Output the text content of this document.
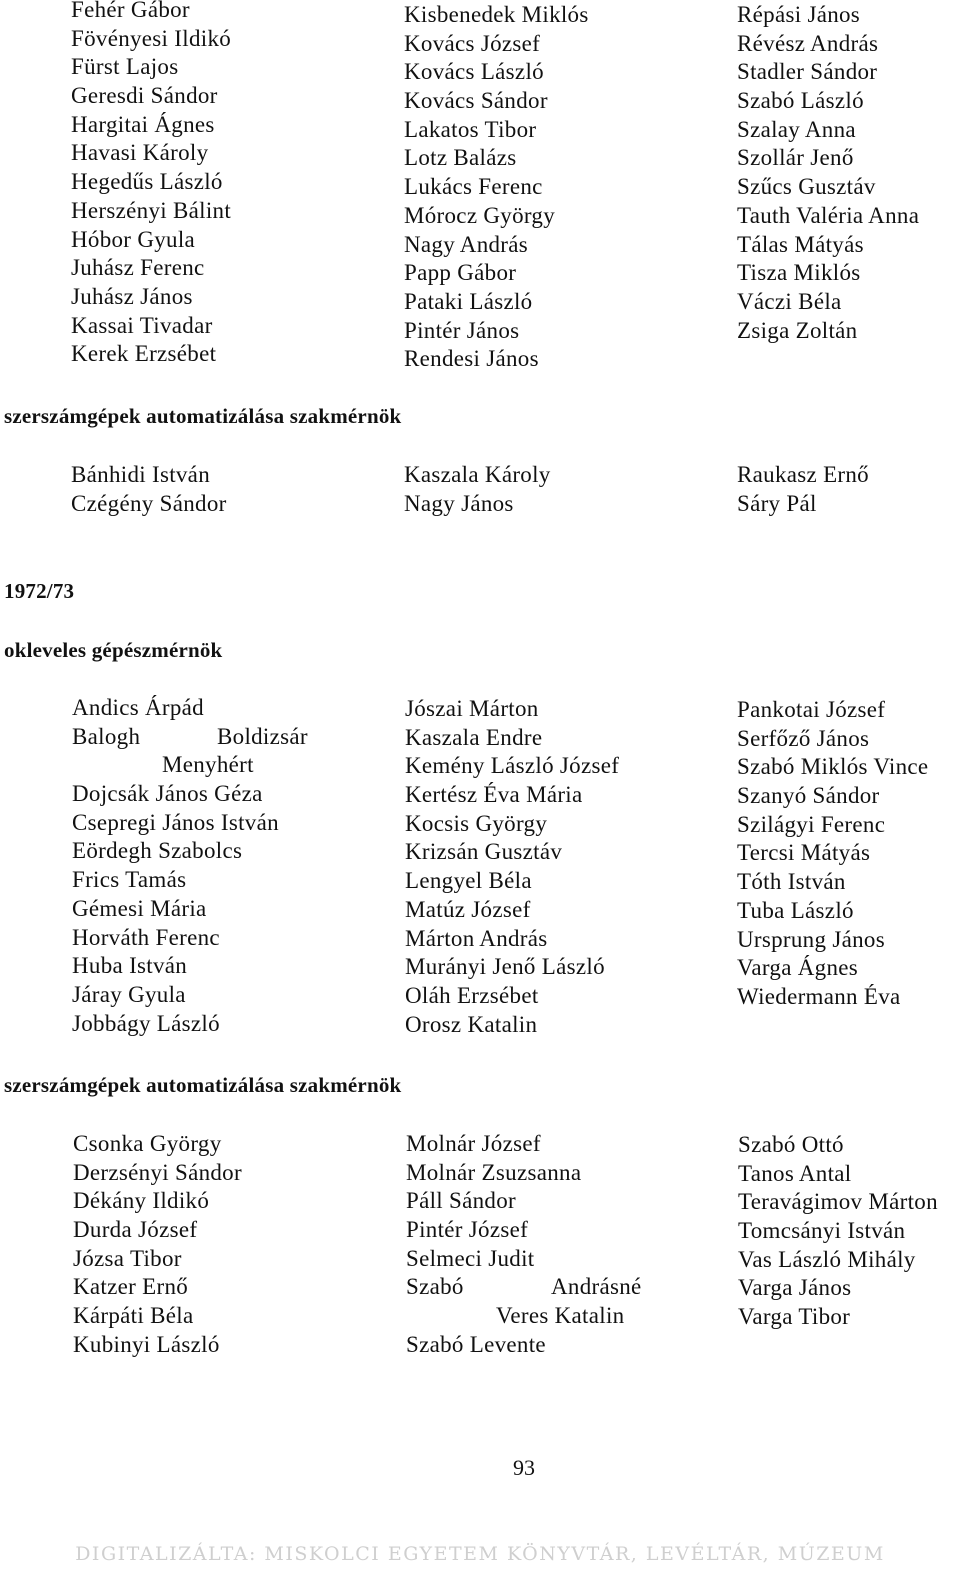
Fehér Gábor
Fövényesi Ildikó
Fürst Lajos
Geresdi Sándor
Hargitai Ágnes
Havasi Károly
Hegedűs László
Herszényi Bálint
Hóbor Gyula
Juhász Ferenc
Juhász János
Kassai Tivadar
Kerek Erzsébet
Kisbenedek Miklós
Kovács József
Kovács László
Kovács Sándor
Lakatos Tibor
Lotz Balázs
Lukács Ferenc
Mórocz György
Nagy András
Papp Gábor
Pataki László
Pintér János
Rendesi János
Répási János
Révész András
Stadler Sándor
Szabó László
Szalay Anna
Szollár Jenő
Szűcs Gusztáv
Tauth Valéria Anna
Tálas Mátyás
Tisza Miklós
Váczi Béla
Zsiga Zoltán
szerszámgépek automatizálása szakmérnök
Bánhidi István
Czégény Sándor
Kaszala Károly
Nagy János
Raukasz Ernő
Sáry Pál
1972/73
okleveles gépészmérnök
Andics Árpád
Balogh	Boldizsár
Menyhért
Dojcsák János Géza
Csepregi János István
Eördegh Szabolcs
Frics Tamás
Gémesi Mária
Horváth Ferenc
Huba István
Járay Gyula
Jobbágy László
Jószai Márton
Kaszala Endre
Kemény László József
Kertész Éva Mária
Kocsis György
Krizsán Gusztáv
Lengyel Béla
Matúz József
Márton András
Murányi Jenő László
Oláh Erzsébet
Orosz Katalin
Pankotai József
Serfőző János
Szabó Miklós Vince
Szanyó Sándor
Szilágyi Ferenc
Tercsi Mátyás
Tóth István
Tuba László
Ursprung János
Varga Ágnes
Wiedermann Éva
szerszámgépek automatizálása szakmérnök
Csonka György
Derzsényi Sándor
Dékány Ildikó
Durda József
Józsa Tibor
Katzer Ernő
Kárpáti Béla
Kubinyi László
Molnár József
Molnár Zsuzsanna
Páll Sándor
Pintér József
Selmeci Judit
Szabó	Andrásné
Veres Katalin
Szabó Levente
Szabó Ottó
Tanos Antal
Teravágimov Márton
Tomcsányi István
Vas László Mihály
Varga János
Varga Tibor
93
DIGITALIZÁLTA: MISKOLCI EGYETEM KÖNYVTÁR, LEVÉLTÁR, MÚZEUM
